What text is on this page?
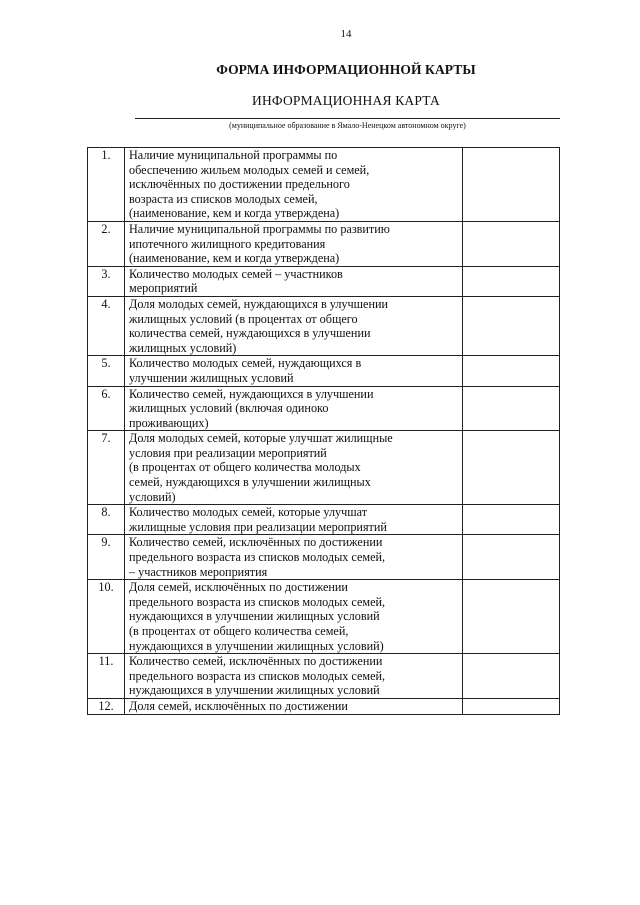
14
ФОРМА ИНФОРМАЦИОННОЙ КАРТЫ
ИНФОРМАЦИОННАЯ КАРТА
(муниципальное образование в Ямало-Ненецком автономном округе)
1.	Наличие муниципальной программы по
обеспечению жильем молодых семей и семей,
исключённых по достижении предельного
возраста из списков молодых семей,
(наименование, кем и когда утверждена)	

2.	Наличие муниципальной программы по развитию
ипотечного жилищного кредитования
(наименование, кем и когда утверждена)	

3.	Количество молодых семей – участников
мероприятий	

4.	Доля молодых семей, нуждающихся в улучшении
жилищных условий (в процентах от общего
количества семей, нуждающихся в улучшении
жилищных условий)	

5.	Количество молодых семей, нуждающихся в
улучшении жилищных условий	

6.	Количество семей, нуждающихся в улучшении
жилищных условий (включая одиноко
проживающих)	

7.	Доля молодых семей, которые улучшат жилищные
условия при реализации мероприятий
(в процентах от общего количества молодых
семей, нуждающихся в улучшении жилищных
условий)	

8.	Количество молодых семей, которые улучшат
жилищные условия при реализации мероприятий	

9.	Количество семей, исключённых по достижении
предельного возраста из списков молодых семей,
– участников мероприятия	

10.	Доля семей, исключённых по достижении
предельного возраста из списков молодых семей,
нуждающихся в улучшении жилищных условий
(в процентах от общего количества семей,
нуждающихся в улучшении жилищных условий)	

11.	Количество семей, исключённых по достижении
предельного возраста из списков молодых семей,
нуждающихся в улучшении жилищных условий	

12.	Доля семей, исключённых по достижении	
